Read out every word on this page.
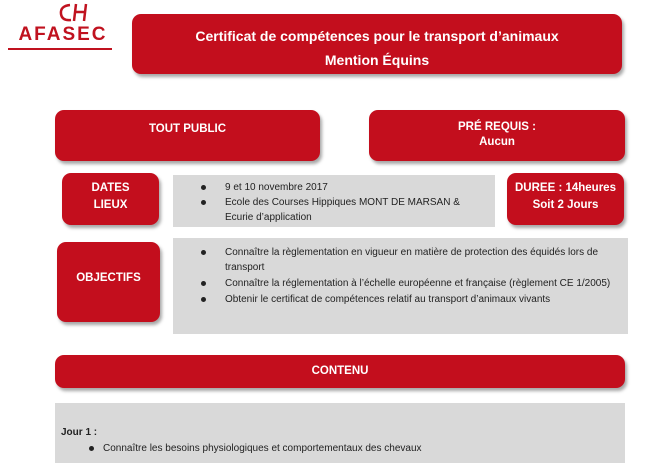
AFASEC	Certificat de compétences pour le transport d’animaux
Mention Équins
TOUT PUBLIC	PRÉ REQUIS :
Aucun
DATES
LIEUX
9 et 10 novembre 2017
Ecole des Courses Hippiques MONT DE MARSAN & Ecurie d’application
DUREE : 14heures
Soit 2 Jours
OBJECTIFS
Connaître la règlementation en vigueur en matière de protection des équidés lors de transport
Connaître la réglementation à l’échelle européenne et française (règlement CE 1/2005)
Obtenir le certificat de compétences relatif au transport d’animaux vivants
CONTENU
Jour 1 :
Connaître les besoins physiologiques et comportementaux des chevaux
